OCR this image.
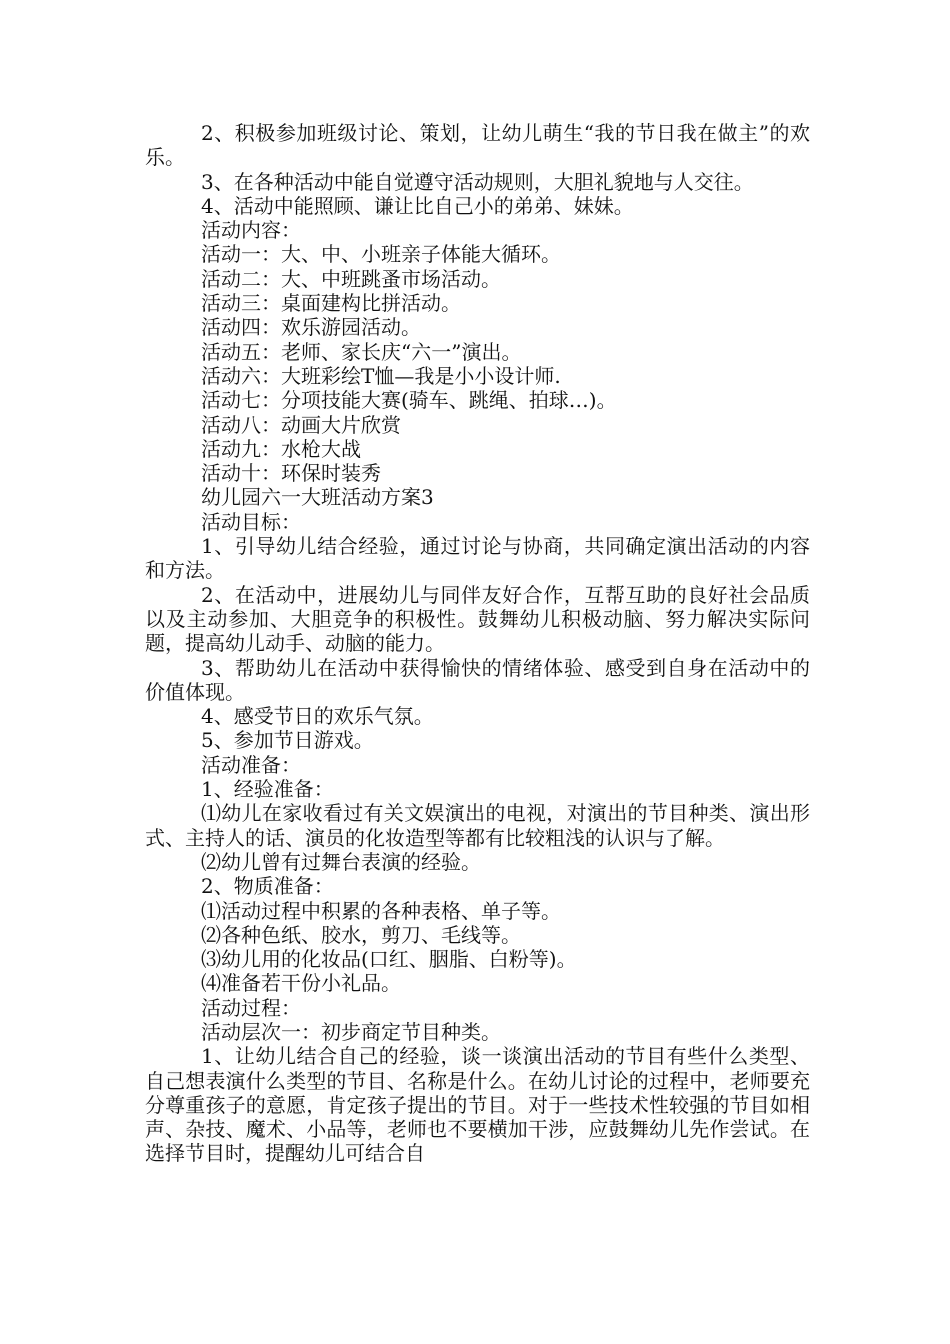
2、积极参加班级讨论、策划，让幼儿萌生“我的节日我在做主”的欢乐。

3、在各种活动中能自觉遵守活动规则，大胆礼貌地与人交往。

4、活动中能照顾、谦让比自己小的弟弟、妹妹。

活动内容：

活动一：大、中、小班亲子体能大循环。

活动二：大、中班跳蚤市场活动。

活动三：桌面建构比拼活动。

活动四：欢乐游园活动。

活动五：老师、家长庆“六一”演出。

活动六：大班彩绘T恤—我是小小设计师.

活动七：分项技能大赛(骑车、跳绳、拍球…)。

活动八：动画大片欣赏

活动九：水枪大战

活动十：环保时装秀

幼儿园六一大班活动方案3

活动目标：

1、引导幼儿结合经验，通过讨论与协商，共同确定演出活动的内容和方法。

2、在活动中，进展幼儿与同伴友好合作，互帮互助的良好社会品质以及主动参加、大胆竞争的积极性。鼓舞幼儿积极动脑、努力解决实际问题，提高幼儿动手、动脑的能力。

3、帮助幼儿在活动中获得愉快的情绪体验、感受到自身在活动中的价值体现。

4、感受节日的欢乐气氛。

5、参加节日游戏。

活动准备：

1、经验准备：

⑴幼儿在家收看过有关文娱演出的电视，对演出的节目种类、演出形式、主持人的话、演员的化妆造型等都有比较粗浅的认识与了解。

⑵幼儿曾有过舞台表演的经验。

2、物质准备：

⑴活动过程中积累的各种表格、单子等。

⑵各种色纸、胶水，剪刀、毛线等。

⑶幼儿用的化妆品(口红、胭脂、白粉等)。

⑷准备若干份小礼品。

活动过程：

活动层次一：初步商定节目种类。

1、让幼儿结合自己的经验，谈一谈演出活动的节目有些什么类型、自己想表演什么类型的节目、名称是什么。在幼儿讨论的过程中，老师要充分尊重孩子的意愿，肯定孩子提出的节目。对于一些技术性较强的节目如相声、杂技、魔术、小品等，老师也不要横加干涉，应鼓舞幼儿先作尝试。在选择节目时，提醒幼儿可结合自
